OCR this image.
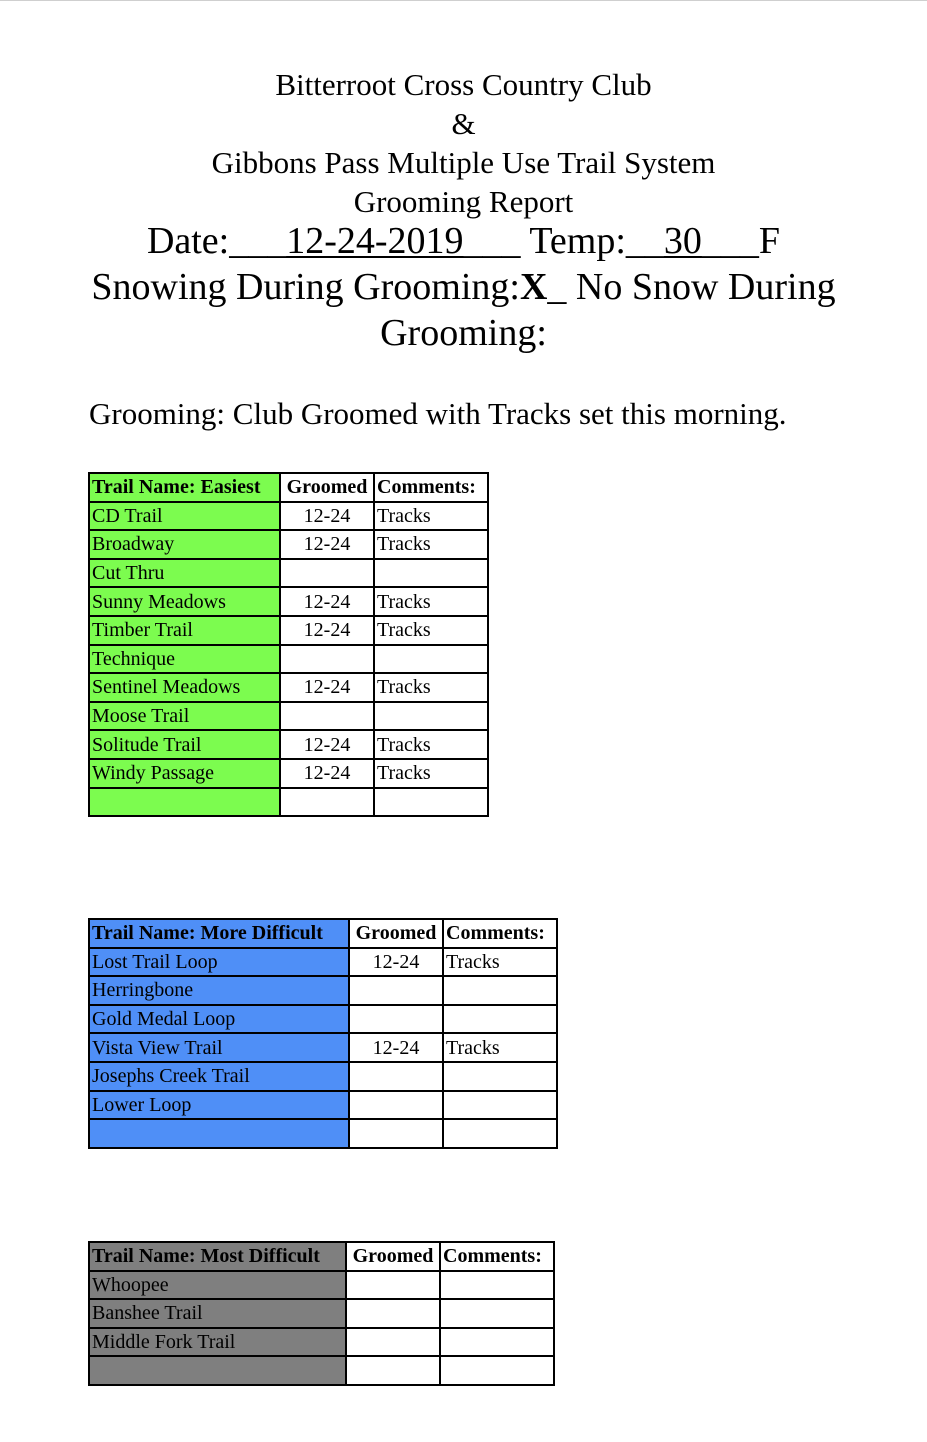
Bitterroot Cross Country Club
&
Gibbons Pass Multiple Use Trail System
Grooming Report
Date:___12-24-2019___ Temp:__30___F
Snowing During Grooming:X_ No Snow During
Grooming:
Grooming: Club Groomed with Tracks set this morning.
Trail Name: Easiest	Groomed	Comments:
CD Trail	12-24	Tracks
Broadway	12-24	Tracks
Cut Thru		
Sunny Meadows	12-24	Tracks
Timber Trail	12-24	Tracks
Technique		
Sentinel Meadows	12-24	Tracks
Moose Trail		
Solitude Trail	12-24	Tracks
Windy Passage	12-24	Tracks

Trail Name: More Difficult	Groomed	Comments:
Lost Trail Loop	12-24	Tracks
Herringbone		
Gold Medal Loop		
Vista View Trail	12-24	Tracks
Josephs Creek Trail		
Lower Loop		

Trail Name: Most Difficult	Groomed	Comments:
Whoopee		
Banshee Trail		
Middle Fork Trail		
